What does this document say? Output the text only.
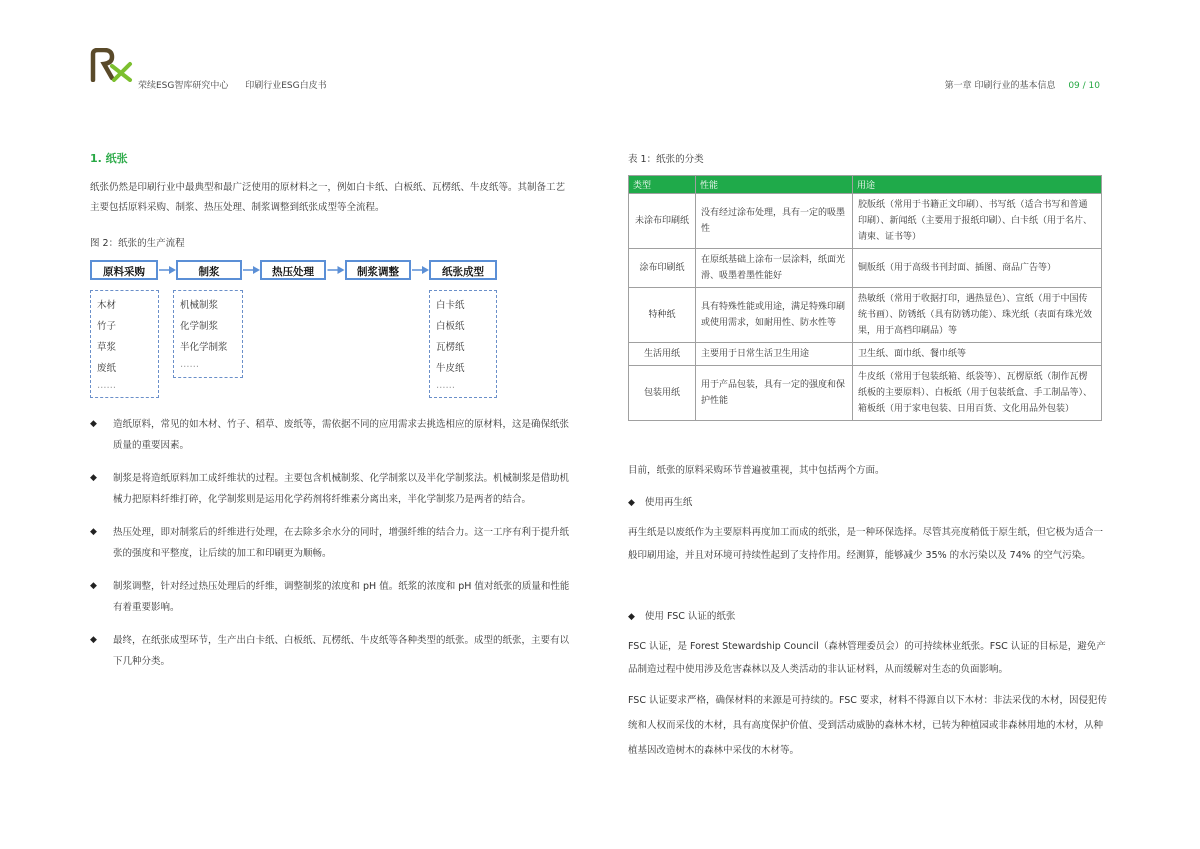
荣续ESG智库研究中心 印刷行业ESG白皮书	第一章 印刷行业的基本信息 09 / 10
1. 纸张
纸张仍然是印刷行业中最典型和最广泛使用的原材料之一，例如白卡纸、白板纸、瓦楞纸、牛皮纸等。其制备工艺主要包括原料采购、制浆、热压处理、制浆调整到纸张成型等全流程。
图 2：纸张的生产流程
原料采购	制浆	热压处理	制浆调整	纸张成型
木材
竹子
草浆
废纸
……
机械制浆
化学制浆
半化学制浆
……
白卡纸
白板纸
瓦楞纸
牛皮纸
……
◆ 造纸原料，常见的如木材、竹子、稻草、废纸等，需依据不同的应用需求去挑选相应的原材料，这是确保纸张质量的重要因素。
◆ 制浆是将造纸原料加工成纤维状的过程。主要包含机械制浆、化学制浆以及半化学制浆法。机械制浆是借助机械力把原料纤维打碎，化学制浆则是运用化学药剂将纤维素分离出来，半化学制浆乃是两者的结合。
◆ 热压处理，即对制浆后的纤维进行处理，在去除多余水分的同时，增强纤维的结合力。这一工序有利于提升纸张的强度和平整度，让后续的加工和印刷更为顺畅。
◆ 制浆调整，针对经过热压处理后的纤维，调整制浆的浓度和 pH 值。纸浆的浓度和 pH 值对纸张的质量和性能有着重要影响。
◆ 最终，在纸张成型环节，生产出白卡纸、白板纸、瓦楞纸、牛皮纸等各种类型的纸张。成型的纸张，主要有以下几种分类。
表 1：纸张的分类
类型	性能	用途
未涂布印刷纸	没有经过涂布处理，具有一定的吸墨性	胶版纸（常用于书籍正文印刷）、书写纸（适合书写和普通印刷）、新闻纸（主要用于报纸印刷）、白卡纸（用于名片、请柬、证书等）
涂布印刷纸	在原纸基础上涂布一层涂料，纸面光滑、吸墨着墨性能好	铜版纸（用于高级书刊封面、插图、商品广告等）
特种纸	具有特殊性能或用途，满足特殊印刷或使用需求，如耐用性、防水性等	热敏纸（常用于收据打印，遇热显色）、宣纸（用于中国传统书画）、防锈纸（具有防锈功能）、珠光纸（表面有珠光效果，用于高档印刷品）等
生活用纸	主要用于日常生活卫生用途	卫生纸、面巾纸、餐巾纸等
包装用纸	用于产品包装，具有一定的强度和保护性能	牛皮纸（常用于包装纸箱、纸袋等）、瓦楞原纸（制作瓦楞纸板的主要原料）、白板纸（用于包装纸盒、手工制品等）、箱板纸（用于家电包装、日用百货、文化用品外包装）
目前，纸张的原料采购环节普遍被重视，其中包括两个方面。
◆ 使用再生纸
再生纸是以废纸作为主要原料再度加工而成的纸张，是一种环保选择。尽管其亮度稍低于原生纸，但它极为适合一般印刷用途，并且对环境可持续性起到了支持作用。经测算，能够减少 35% 的水污染以及 74% 的空气污染。
◆ 使用 FSC 认证的纸张
FSC 认证，是 Forest Stewardship Council（森林管理委员会）的可持续林业纸张。FSC 认证的目标是，避免产品制造过程中使用涉及危害森林以及人类活动的非认证材料，从而缓解对生态的负面影响。
FSC 认证要求严格，确保材料的来源是可持续的。FSC 要求，材料不得源自以下木材：非法采伐的木材，因侵犯传统和人权而采伐的木材，具有高度保护价值、受到活动威胁的森林木材，已转为种植园或非森林用地的木材，从种植基因改造树木的森林中采伐的木材等。
